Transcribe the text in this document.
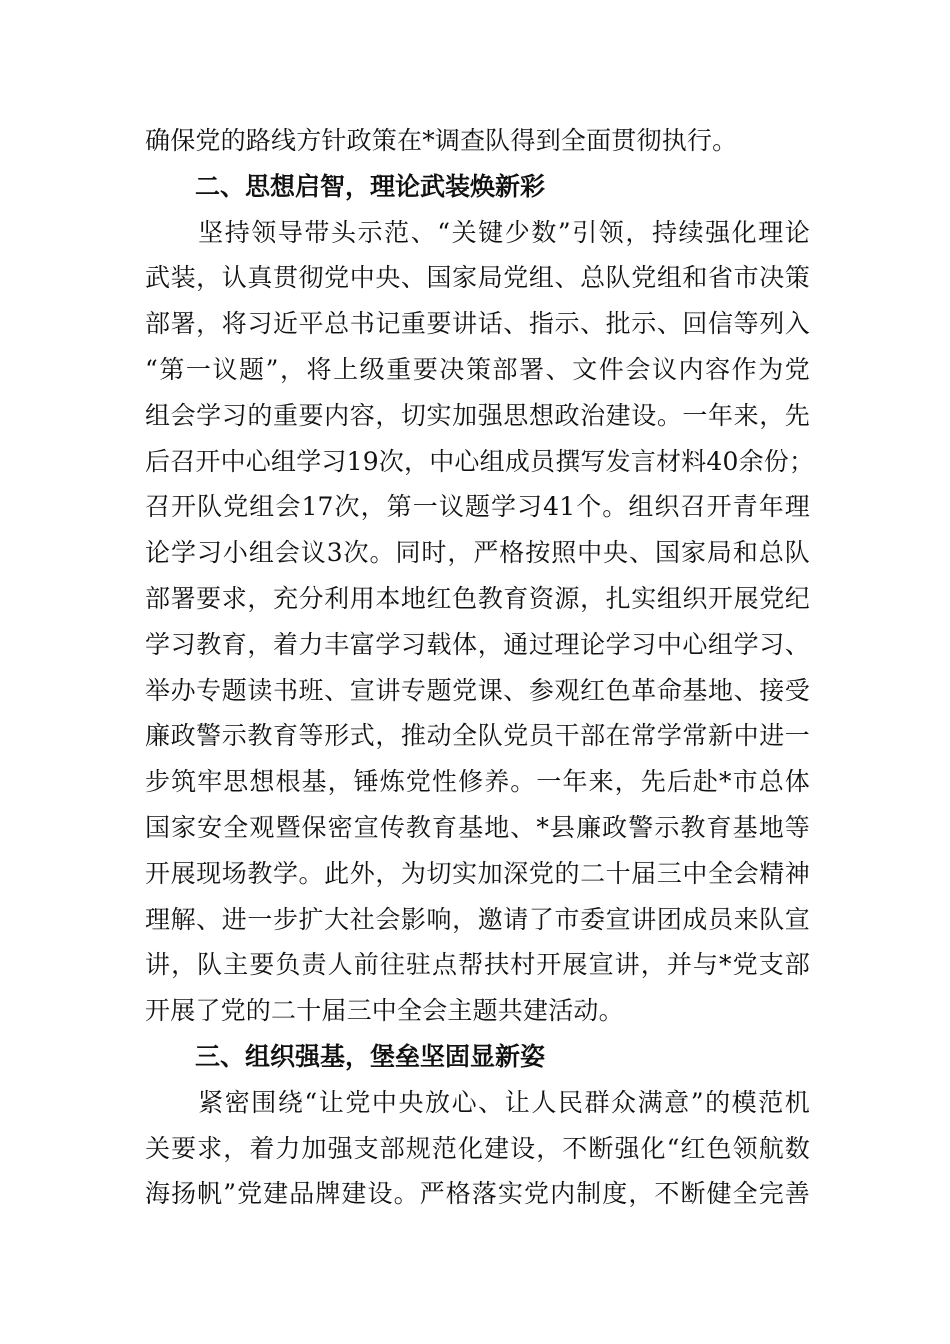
确保党的路线方针政策在*调查队得到全面贯彻执行。
二、思想启智，理论武装焕新彩
　　坚持领导带头示范、“关键少数”引领，持续强化理论
武装，认真贯彻党中央、国家局党组、总队党组和省市决策
部署，将习近平总书记重要讲话、指示、批示、回信等列入
“第一议题”，将上级重要决策部署、文件会议内容作为党
组会学习的重要内容，切实加强思想政治建设。一年来，先
后召开中心组学习19次，中心组成员撰写发言材料40余份；
召开队党组会17次，第一议题学习41个。组织召开青年理
论学习小组会议3次。同时，严格按照中央、国家局和总队
部署要求，充分利用本地红色教育资源，扎实组织开展党纪
学习教育，着力丰富学习载体，通过理论学习中心组学习、
举办专题读书班、宣讲专题党课、参观红色革命基地、接受
廉政警示教育等形式，推动全队党员干部在常学常新中进一
步筑牢思想根基，锤炼党性修养。一年来，先后赴*市总体
国家安全观暨保密宣传教育基地、*县廉政警示教育基地等
开展现场教学。此外，为切实加深党的二十届三中全会精神
理解、进一步扩大社会影响，邀请了市委宣讲团成员来队宣
讲，队主要负责人前往驻点帮扶村开展宣讲，并与*党支部
开展了党的二十届三中全会主题共建活动。
三、组织强基，堡垒坚固显新姿
　　紧密围绕“让党中央放心、让人民群众满意”的模范机
关要求，着力加强支部规范化建设，不断强化“红色领航数
海扬帆”党建品牌建设。严格落实党内制度，不断健全完善
